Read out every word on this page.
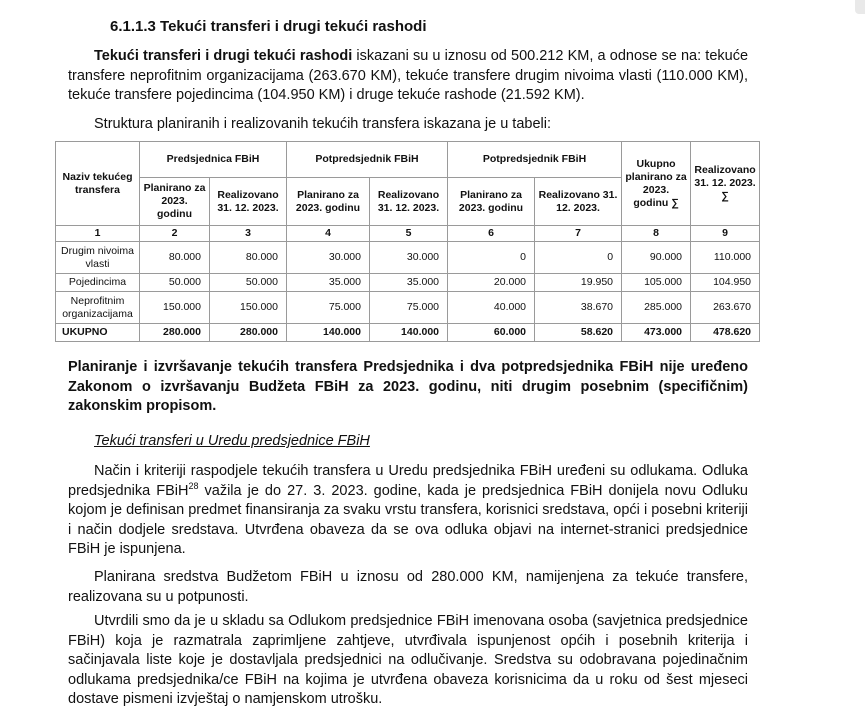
6.1.1.3 Tekući transferi i drugi tekući rashodi
Tekući transferi i drugi tekući rashodi iskazani su u iznosu od 500.212 KM, a odnose se na: tekuće transfere neprofitnim organizacijama (263.670 KM), tekuće transfere drugim nivoima vlasti (110.000 KM), tekuće transfere pojedincima (104.950 KM) i druge tekuće rashode (21.592 KM).
Struktura planiranih i realizovanih tekućih transfera iskazana je u tabeli:
Naziv tekućeg transfera	Predsjednica FBiH		Potpredsjednik FBiH		Potpredsjednik FBiH		Ukupno planirano za 2023. godinu ∑	Realizovano 31. 12. 2023. ∑
	Planirano za 2023. godinu	Realizovano 31. 12. 2023.	Planirano za 2023. godinu	Realizovano 31. 12. 2023.	Planirano za 2023. godinu	Realizovano 31. 12. 2023.		
1	2	3	4	5	6	7	8	9
Drugim nivoima vlasti	80.000	80.000	30.000	30.000	0	0	90.000	110.000
Pojedincima	50.000	50.000	35.000	35.000	20.000	19.950	105.000	104.950
Neprofitnim organizacijama	150.000	150.000	75.000	75.000	40.000	38.670	285.000	263.670
UKUPNO	280.000	280.000	140.000	140.000	60.000	58.620	473.000	478.620
Planiranje i izvršavanje tekućih transfera Predsjednika i dva potpredsjednika FBiH nije uređeno Zakonom o izvršavanju Budžeta FBiH za 2023. godinu, niti drugim posebnim (specifičnim) zakonskim propisom.
Tekući transferi u Uredu predsjednice FBiH
Način i kriteriji raspodjele tekućih transfera u Uredu predsjednika FBiH uređeni su odlukama. Odluka predsjednika FBiH$^{28}$ važila je do 27. 3. 2023. godine, kada je predsjednica FBiH donijela novu Odluku kojom je definisan predmet finansiranja za svaku vrstu transfera, korisnici sredstava, opći i posebni kriteriji i način dodjele sredstava. Utvrđena obaveza da se ova odluka objavi na internet-stranici predsjednice FBiH je ispunjena.
Planirana sredstva Budžetom FBiH u iznosu od 280.000 KM, namijenjena za tekuće transfere, realizovana su u potpunosti.
Utvrdili smo da je u skladu sa Odlukom predsjednice FBiH imenovana osoba (savjetnica predsjednice FBiH) koja je razmatrala zaprimljene zahtjeve, utvrđivala ispunjenost općih i posebnih kriterija i sačinjavala liste koje je dostavljala predsjednici na odlučivanje. Sredstva su odobravana pojedinačnim odlukama predsjednika/ce FBiH na kojima je utvrđena obaveza korisnicima da u roku od šest mjeseci dostave pismeni izvještaj o namjenskom utrošku.
